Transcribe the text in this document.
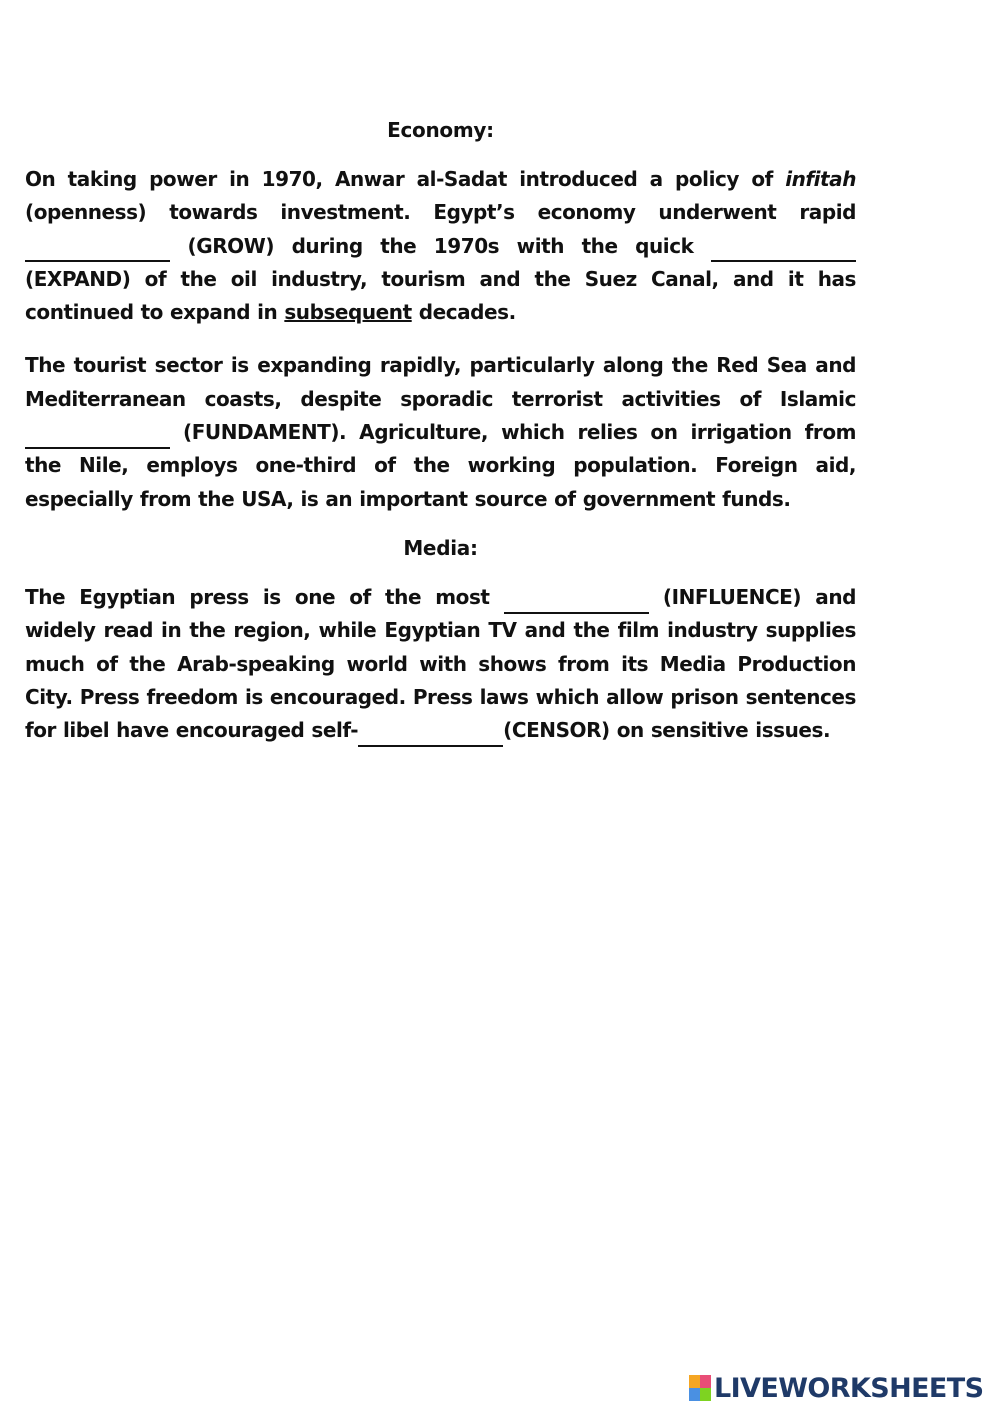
Economy:

On taking power in 1970, Anwar al-Sadat introduced a policy of infitah (openness) towards investment. Egypt’s economy underwent rapid  (GROW) during the 1970s with the quick  (EXPAND) of the oil industry, tourism and the Suez Canal, and it has continued to expand in subsequent decades.

The tourist sector is expanding rapidly, particularly along the Red Sea and Mediterranean coasts, despite sporadic terrorist activities of Islamic  (FUNDAMENT). Agriculture, which relies on irrigation from the Nile, employs one-third of the working population. Foreign aid, especially from the USA, is an important source of government funds.

Media:

The Egyptian press is one of the most	(INFLUENCE) and widely read in the region, while Egyptian TV and the film industry supplies much of the Arab-speaking world with shows from its Media Production City. Press freedom is encouraged. Press laws which allow prison sentences for libel have encouraged self-	(CENSOR) on sensitive issues.

LIVEWORKSHEETS
